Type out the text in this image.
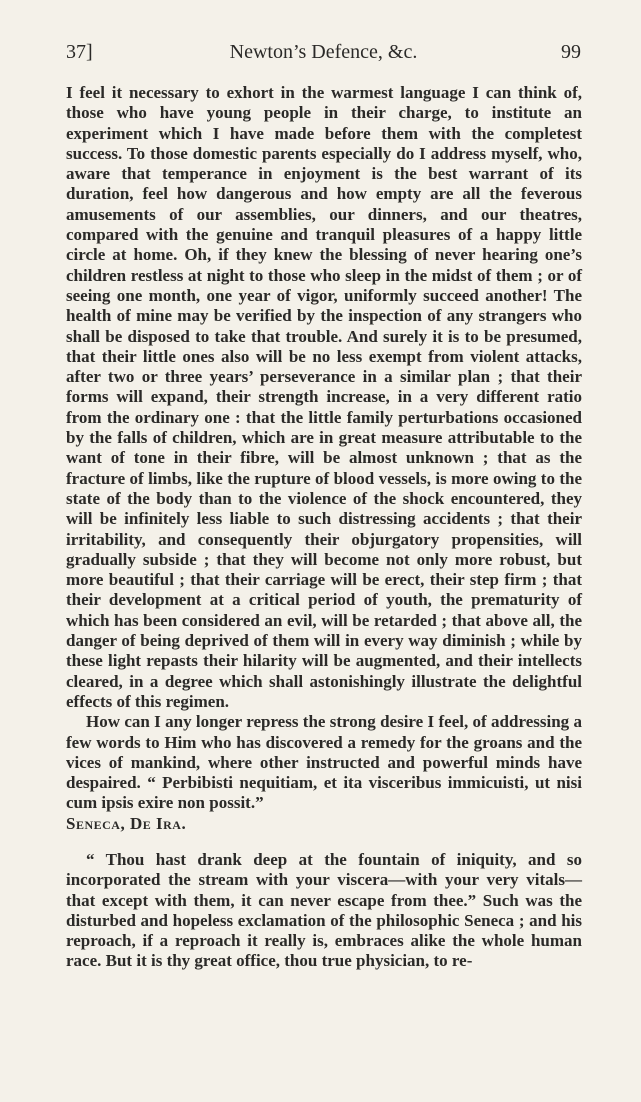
37]	Newton’s Defence, &c.	99

I feel it necessary to exhort in the warmest language I can think of, those who have young people in their charge, to institute an experiment which I have made before them with the completest success. To those domestic parents especially do I address myself, who, aware that temperance in enjoyment is the best warrant of its duration, feel how dangerous and how empty are all the feverous amusements of our assemblies, our dinners, and our theatres, compared with the genuine and tranquil pleasures of a happy little circle at home. Oh, if they knew the blessing of never hearing one’s children restless at night to those who sleep in the midst of them ; or of seeing one month, one year of vigor, uniformly succeed another! The health of mine may be verified by the inspection of any strangers who shall be disposed to take that trouble. And surely it is to be presumed, that their little ones also will be no less exempt from violent attacks, after two or three years’ perseverance in a similar plan ; that their forms will expand, their strength increase, in a very different ratio from the ordinary one : that the little family perturbations occasioned by the falls of children, which are in great measure attributable to the want of tone in their fibre, will be almost unknown ; that as the fracture of limbs, like the rupture of blood vessels, is more owing to the state of the body than to the violence of the shock encountered, they will be infinitely less liable to such distressing accidents ; that their irritability, and consequently their objurgatory propensities, will gradually subside ; that they will become not only more robust, but more beautiful ; that their carriage will be erect, their step firm ; that their development at a critical period of youth, the prematurity of which has been considered an evil, will be retarded ; that above all, the danger of being deprived of them will in every way diminish ; while by these light repasts their hilarity will be augmented, and their intellects cleared, in a degree which shall astonishingly illustrate the delightful effects of this regimen.

How can I any longer repress the strong desire I feel, of addressing a few words to Him who has discovered a remedy for the groans and the vices of mankind, where other instructed and powerful minds have despaired. “ Perbibisti nequitiam, et ita visceribus immicuisti, ut nisi cum ipsis exire non possit.”

Seneca, De Ira.

“ Thou hast drank deep at the fountain of iniquity, and so incorporated the stream with your viscera—with your very vitals—that except with them, it can never escape from thee.” Such was the disturbed and hopeless exclamation of the philosophic Seneca ; and his reproach, if a reproach it really is, embraces alike the whole human race. But it is thy great office, thou true physician, to re-
